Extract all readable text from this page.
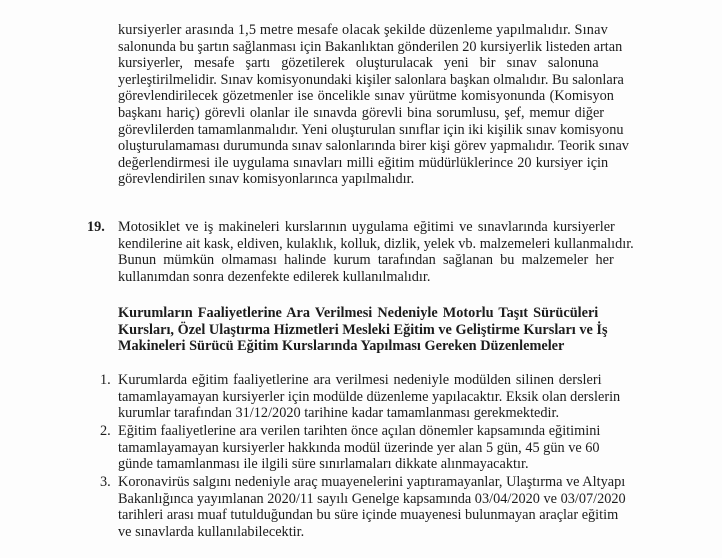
kursiyerler arasında 1,5 metre mesafe olacak şekilde düzenleme yapılmalıdır. Sınav
salonunda bu şartın sağlanması için Bakanlıktan gönderilen 20 kursiyerlik listeden artan
kursiyerler, mesafe şartı gözetilerek oluşturulacak yeni bir sınav salonuna
yerleştirilmelidir. Sınav komisyonundaki kişiler salonlara başkan olmalıdır. Bu salonlara
görevlendirilecek gözetmenler ise öncelikle sınav yürütme komisyonunda (Komisyon
başkanı hariç) görevli olanlar ile sınavda görevli bina sorumlusu, şef, memur diğer
görevlilerden tamamlanmalıdır. Yeni oluşturulan sınıflar için iki kişilik sınav komisyonu
oluşturulamaması durumunda sınav salonlarında birer kişi görev yapmalıdır. Teorik sınav
değerlendirmesi ile uygulama sınavları milli eğitim müdürlüklerince 20 kursiyer için
görevlendirilen sınav komisyonlarınca yapılmalıdır.
19. Motosiklet ve iş makineleri kurslarının uygulama eğitimi ve sınavlarında kursiyerler
kendilerine ait kask, eldiven, kulaklık, kolluk, dizlik, yelek vb. malzemeleri kullanmalıdır.
Bunun mümkün olmaması halinde kurum tarafından sağlanan bu malzemeler her
kullanımdan sonra dezenfekte edilerek kullanılmalıdır.
Kurumların Faaliyetlerine Ara Verilmesi Nedeniyle Motorlu Taşıt Sürücüleri
Kursları, Özel Ulaştırma Hizmetleri Mesleki Eğitim ve Geliştirme Kursları ve İş
Makineleri Sürücü Eğitim Kurslarında Yapılması Gereken Düzenlemeler
1. Kurumlarda eğitim faaliyetlerine ara verilmesi nedeniyle modülden silinen dersleri
tamamlayamayan kursiyerler için modülde düzenleme yapılacaktır. Eksik olan derslerin
kurumlar tarafından 31/12/2020 tarihine kadar tamamlanması gerekmektedir.
2. Eğitim faaliyetlerine ara verilen tarihten önce açılan dönemler kapsamında eğitimini
tamamlayamayan kursiyerler hakkında modül üzerinde yer alan 5 gün, 45 gün ve 60
günde tamamlanması ile ilgili süre sınırlamaları dikkate alınmayacaktır.
3. Koronavirüs salgını nedeniyle araç muayenelerini yaptıramayanlar, Ulaştırma ve Altyapı
Bakanlığınca yayımlanan 2020/11 sayılı Genelge kapsamında 03/04/2020 ve 03/07/2020
tarihleri arası muaf tutulduğundan bu süre içinde muayenesi bulunmayan araçlar eğitim
ve sınavlarda kullanılabilecektir.
